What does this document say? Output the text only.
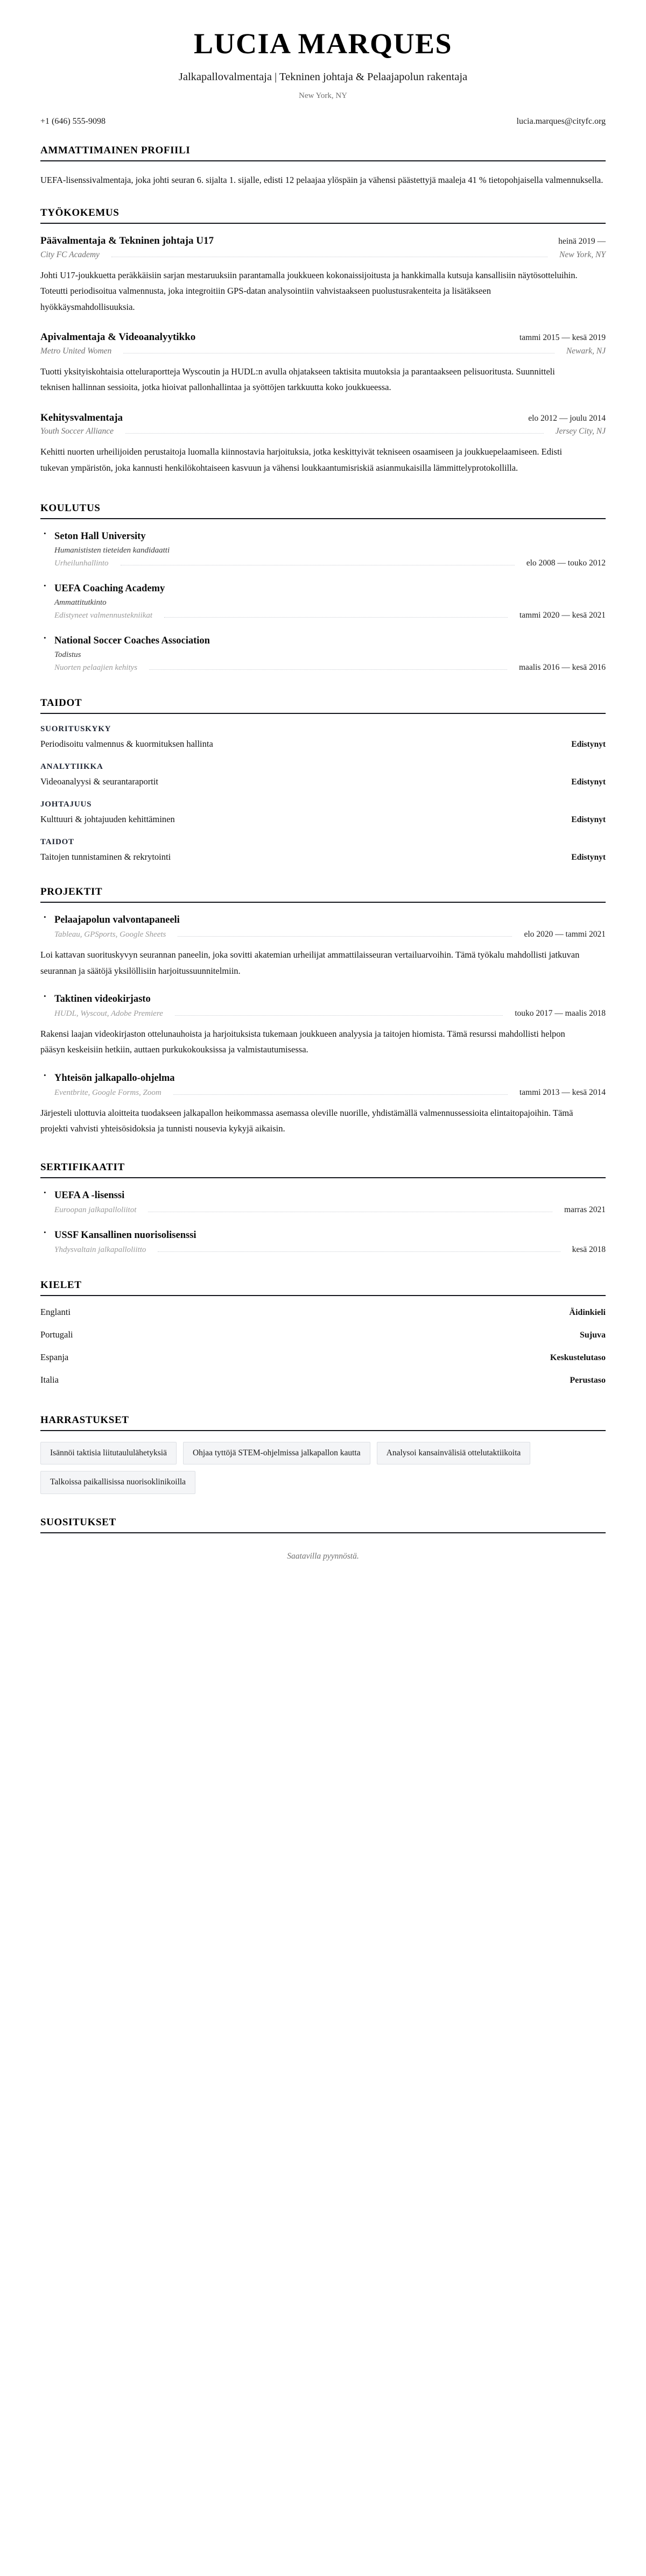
LUCIA MARQUES
Jalkapallovalmentaja | Tekninen johtaja & Pelaajapolun rakentaja
New York, NY
+1 (646) 555-9098	lucia.marques@cityfc.org
AMMATTIMAINEN PROFIILI

UEFA-lisenssivalmentaja, joka johti seuran 6. sijalta 1. sijalle, edisti 12 pelaajaa ylöspäin ja vähensi päästettyjä maaleja 41 % tietopohjaisella valmennuksella.

TYÖKOKEMUS
Päävalmentaja & Tekninen johtaja U17	heinä 2019 —
City FC Academy	New York, NY

Johti U17-joukkuetta peräkkäisiin sarjan mestaruuksiin parantamalla joukkueen kokonaissijoitusta ja hankkimalla kutsuja kansallisiin näytösotteluihin. Toteutti periodisoitua valmennusta, joka integroitiin GPS-datan analysointiin vahvistaakseen puolustusrakenteita ja lisätäkseen hyökkäysmahdollisuuksia.

Apivalmentaja & Videoanalyytikko	tammi 2015 — kesä 2019
Metro United Women	Newark, NJ

Tuotti yksityiskohtaisia otteluraportteja Wyscoutin ja HUDL:n avulla ohjatakseen taktisita muutoksia ja parantaakseen pelisuoritusta. Suunnitteli teknisen hallinnan sessioita, jotka hioivat pallonhallintaa ja syöttöjen tarkkuutta koko joukkueessa.

Kehitysvalmentaja	elo 2012 — joulu 2014
Youth Soccer Alliance	Jersey City, NJ

Kehitti nuorten urheilijoiden perustaitoja luomalla kiinnostavia harjoituksia, jotka keskittyivät tekniseen osaamiseen ja joukkuepelaamiseen. Edisti tukevan ympäristön, joka kannusti henkilökohtaiseen kasvuun ja vähensi loukkaantumisriskiä asianmukaisilla lämmittelyprotokollilla.

KOULUTUS
· Seton Hall University
Humanististen tieteiden kandidaatti
Urheilunhallinto	elo 2008 — touko 2012
· UEFA Coaching Academy
Ammattitutkinto
Edistyneet valmennustekniikat	tammi 2020 — kesä 2021
· National Soccer Coaches Association
Todistus
Nuorten pelaajien kehitys	maalis 2016 — kesä 2016
TAIDOT
SUORITUSKYKY
Periodisoitu valmennus & kuormituksen hallinta	Edistynyt
ANALYTIIKKA
Videoanalyysi & seurantaraportit	Edistynyt
JOHTAJUUS
Kulttuuri & johtajuuden kehittäminen	Edistynyt
TAIDOT
Taitojen tunnistaminen & rekrytointi	Edistynyt
PROJEKTIT
· Pelaajapolun valvontapaneeli
Tableau, GPSports, Google Sheets	elo 2020 — tammi 2021

Loi kattavan suorituskyvyn seurannan paneelin, joka sovitti akatemian urheilijat ammattilaisseuran vertailuarvoihin. Tämä työkalu mahdollisti jatkuvan seurannan ja säätöjä yksilöllisiin harjoitussuunnitelmiin.

· Taktinen videokirjasto
HUDL, Wyscout, Adobe Premiere	touko 2017 — maalis 2018

Rakensi laajan videokirjaston ottelunauhoista ja harjoituksista tukemaan joukkueen analyysia ja taitojen hiomista. Tämä resurssi mahdollisti helpon pääsyn keskeisiin hetkiin, auttaen purkukokouksissa ja valmistautumisessa.

· Yhteisön jalkapallo-ohjelma
Eventbrite, Google Forms, Zoom	tammi 2013 — kesä 2014

Järjesteli ulottuvia aloitteita tuodakseen jalkapallon heikommassa asemassa oleville nuorille, yhdistämällä valmennussessioita elintaitopajoihin. Tämä projekti vahvisti yhteisösidoksia ja tunnisti nousevia kykyjä aikaisin.

SERTIFIKAATIT
· UEFA A -lisenssi
Euroopan jalkapalloliitot	marras 2021
· USSF Kansallinen nuorisolisenssi
Yhdysvaltain jalkapalloliitto	kesä 2018
KIELET
Englanti	Äidinkieli
Portugali	Sujuva
Espanja	Keskustelutaso
Italia	Perustaso
HARRASTUKSET
Isännöi taktisia liitutaululähetyksiä	Ohjaa tyttöjä STEM-ohjelmissa jalkapallon kautta	Analysoi kansainvälisiä ottelutaktiikoita
Talkoissa paikallisissa nuorisoklinikoilla
SUOSITUKSET
Saatavilla pyynnöstä.
